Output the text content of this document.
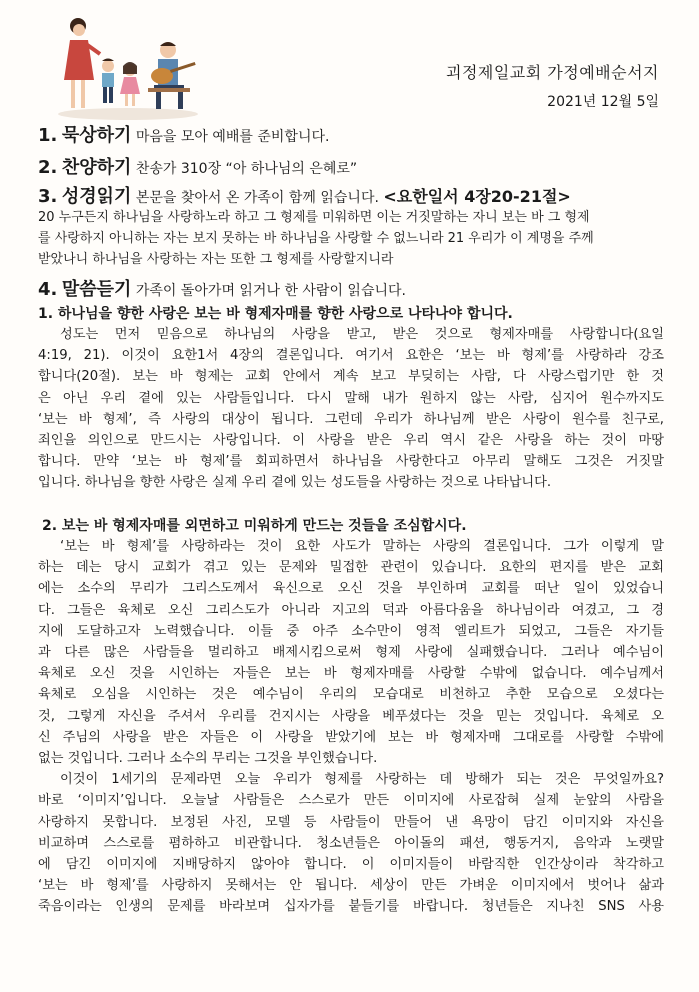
괴정제일교회 가정예배순서지
2021년 12월 5일
1. 묵상하기 마음을 모아 예배를 준비합니다.
2. 찬양하기 찬송가 310장 “아 하나님의 은혜로”
3. 성경읽기 본문을 찾아서 온 가족이 함께 읽습니다. <요한일서 4장20-21절>
20 누구든지 하나님을 사랑하노라 하고 그 형제를 미워하면 이는 거짓말하는 자니 보는 바 그 형제
를 사랑하지 아니하는 자는 보지 못하는 바 하나님을 사랑할 수 없느니라 21 우리가 이 계명을 주께
받았나니 하나님을 사랑하는 자는 또한 그 형제를 사랑할지니라
4. 말씀듣기 가족이 돌아가며 읽거나 한 사람이 읽습니다.
1. 하나님을 향한 사랑은 보는 바 형제자매를 향한 사랑으로 나타나야 합니다.
성도는 먼저 믿음으로 하나님의 사랑을 받고, 받은 것으로 형제자매를 사랑합니다(요일
4:19, 21). 이것이 요한1서 4장의 결론입니다. 여기서 요한은 ‘보는 바 형제’를 사랑하라 강조
합니다(20절). 보는 바 형제는 교회 안에서 계속 보고 부딪히는 사람, 다 사랑스럽기만 한 것
은 아닌 우리 곁에 있는 사람들입니다. 다시 말해 내가 원하지 않는 사람, 심지어 원수까지도
‘보는 바 형제’, 즉 사랑의 대상이 됩니다. 그런데 우리가 하나님께 받은 사랑이 원수를 친구로,
죄인을 의인으로 만드시는 사랑입니다. 이 사랑을 받은 우리 역시 같은 사랑을 하는 것이 마땅
합니다. 만약 ‘보는 바 형제’를 회피하면서 하나님을 사랑한다고 아무리 말해도 그것은 거짓말
입니다. 하나님을 향한 사랑은 실제 우리 곁에 있는 성도들을 사랑하는 것으로 나타납니다.
2. 보는 바 형제자매를 외면하고 미워하게 만드는 것들을 조심합시다.
‘보는 바 형제’를 사랑하라는 것이 요한 사도가 말하는 사랑의 결론입니다. 그가 이렇게 말
하는 데는 당시 교회가 겪고 있는 문제와 밀접한 관련이 있습니다. 요한의 편지를 받은 교회
에는 소수의 무리가 그리스도께서 육신으로 오신 것을 부인하며 교회를 떠난 일이 있었습니
다. 그들은 육체로 오신 그리스도가 아니라 지고의 덕과 아름다움을 하나님이라 여겼고, 그 경
지에 도달하고자 노력했습니다. 이들 중 아주 소수만이 영적 엘리트가 되었고, 그들은 자기들
과 다른 많은 사람들을 멀리하고 배제시킴으로써 형제 사랑에 실패했습니다. 그러나 예수님이
육체로 오신 것을 시인하는 자들은 보는 바 형제자매를 사랑할 수밖에 없습니다. 예수님께서
육체로 오심을 시인하는 것은 예수님이 우리의 모습대로 비천하고 추한 모습으로 오셨다는
것, 그렇게 자신을 주셔서 우리를 건지시는 사랑을 베푸셨다는 것을 믿는 것입니다. 육체로 오
신 주님의 사랑을 받은 자들은 이 사랑을 받았기에 보는 바 형제자매 그대로를 사랑할 수밖에
없는 것입니다. 그러나 소수의 무리는 그것을 부인했습니다.
이것이 1세기의 문제라면 오늘 우리가 형제를 사랑하는 데 방해가 되는 것은 무엇일까요?
바로 ‘이미지’입니다. 오늘날 사람들은 스스로가 만든 이미지에 사로잡혀 실제 눈앞의 사람을
사랑하지 못합니다. 보정된 사진, 모델 등 사람들이 만들어 낸 욕망이 담긴 이미지와 자신을
비교하며 스스로를 폄하하고 비관합니다. 청소년들은 아이돌의 패션, 행동거지, 음악과 노랫말
에 담긴 이미지에 지배당하지 않아야 합니다. 이 이미지들이 바람직한 인간상이라 착각하고
‘보는 바 형제’를 사랑하지 못해서는 안 됩니다. 세상이 만든 가벼운 이미지에서 벗어나 삶과
죽음이라는 인생의 문제를 바라보며 십자가를 붙들기를 바랍니다. 청년들은 지나친 SNS 사용
